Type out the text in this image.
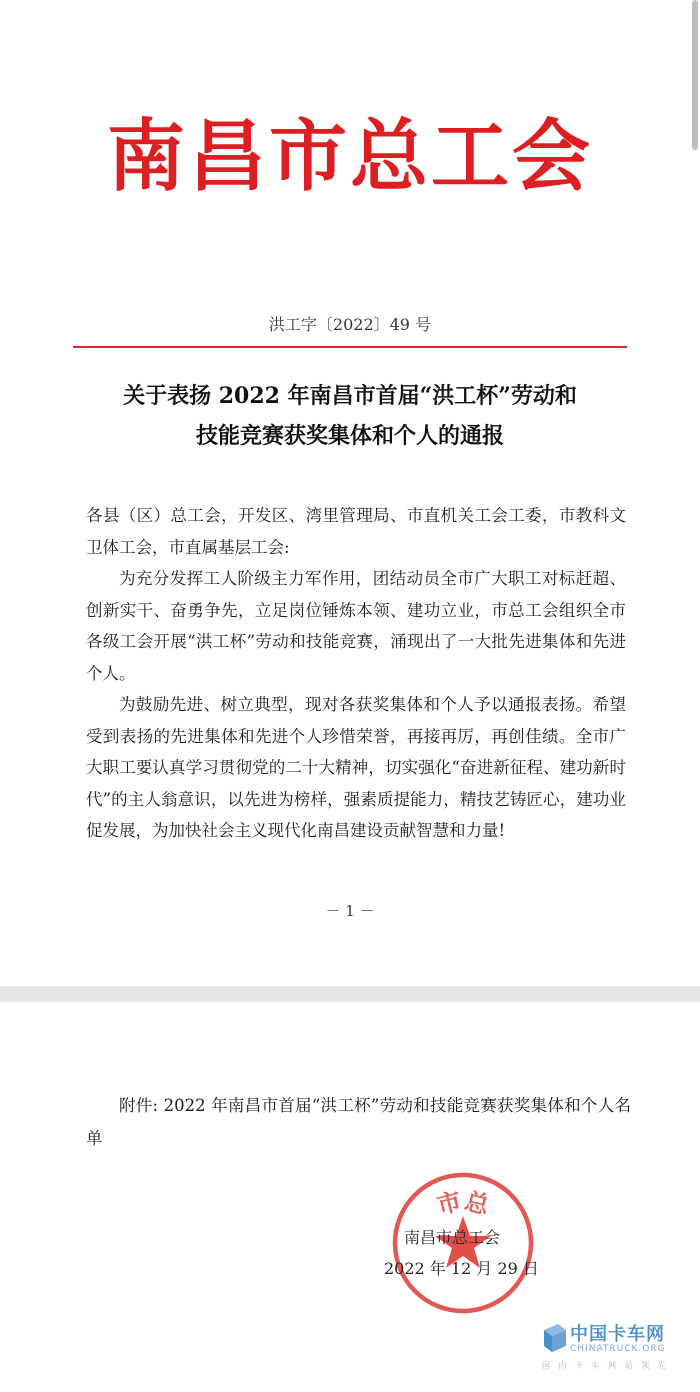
南昌市总工会
洪工字〔2022〕49 号
关于表扬 2022 年南昌市首届“洪工杯”劳动和
技能竞赛获奖集体和个人的通报

各县（区）总工会，开发区、湾里管理局、市直机关工会工委，市教科文卫体工会，市直属基层工会:

为充分发挥工人阶级主力军作用，团结动员全市广大职工对标赶超、创新实干、奋勇争先，立足岗位锤炼本领、建功立业，市总工会组织全市各级工会开展“洪工杯”劳动和技能竞赛，涌现出了一大批先进集体和先进个人。

为鼓励先进、树立典型，现对各获奖集体和个人予以通报表扬。希望受到表扬的先进集体和先进个人珍惜荣誉，再接再厉，再创佳绩。全市广大职工要认真学习贯彻党的二十大精神，切实强化“奋进新征程、建功新时代”的主人翁意识，以先进为榜样，强素质提能力，精技艺铸匠心，建功业促发展，为加快社会主义现代化南昌建设贡献智慧和力量!

－ 1 －
附件: 2022 年南昌市首届“洪工杯”劳动和技能竞赛获奖集体和个人名单
市总
南昌市总工会
2022 年 12 月 29 日
中国卡车网
CHINATRUCK.ORG
国 内 卡 车 网 站 领 先
